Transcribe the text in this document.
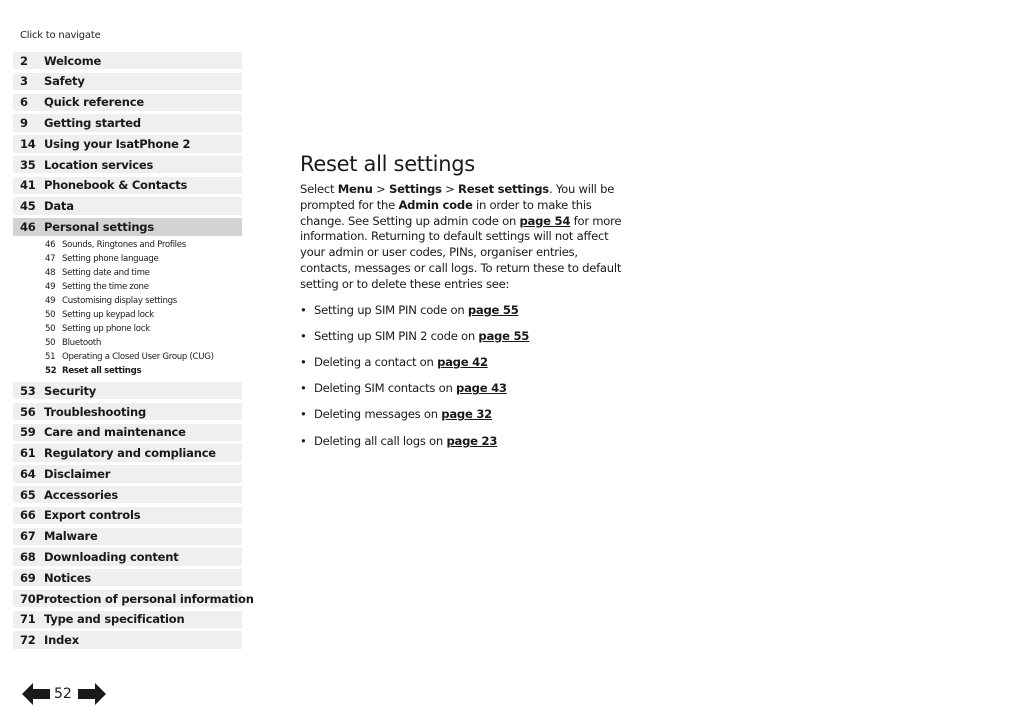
Click to navigate
2	Welcome
3	Safety
6	Quick reference
9	Getting started
14 Using your IsatPhone 2
35 Location services
41 Phonebook & Contacts
45 Data
46 Personal settings
46 Sounds, Ringtones and Profiles
47 Setting phone language
48 Setting date and time
49 Setting the time zone
49 Customising display settings
50 Setting up keypad lock
50 Setting up phone lock
50 Bluetooth
51 Operating a Closed User Group (CUG)
52 Reset all settings
53 Security
56 Troubleshooting
59 Care and maintenance
61 Regulatory and compliance
64 Disclaimer
65 Accessories
66 Export controls
67 Malware
68 Downloading content
69 Notices
70 Protection of personal information
71 Type and specification
72 Index
52
Reset all settings

Select Menu > Settings > Reset settings. You will be prompted for the Admin code in order to make this change. See Setting up admin code on page 54 for more information. Returning to default settings will not affect your admin or user codes, PINs, organiser entries, contacts, messages or call logs. To return these to default setting or to delete these entries see:

• Setting up SIM PIN code on page 55
• Setting up SIM PIN 2 code on page 55
• Deleting a contact on page 42
• Deleting SIM contacts on page 43
• Deleting messages on page 32
• Deleting all call logs on page 23
